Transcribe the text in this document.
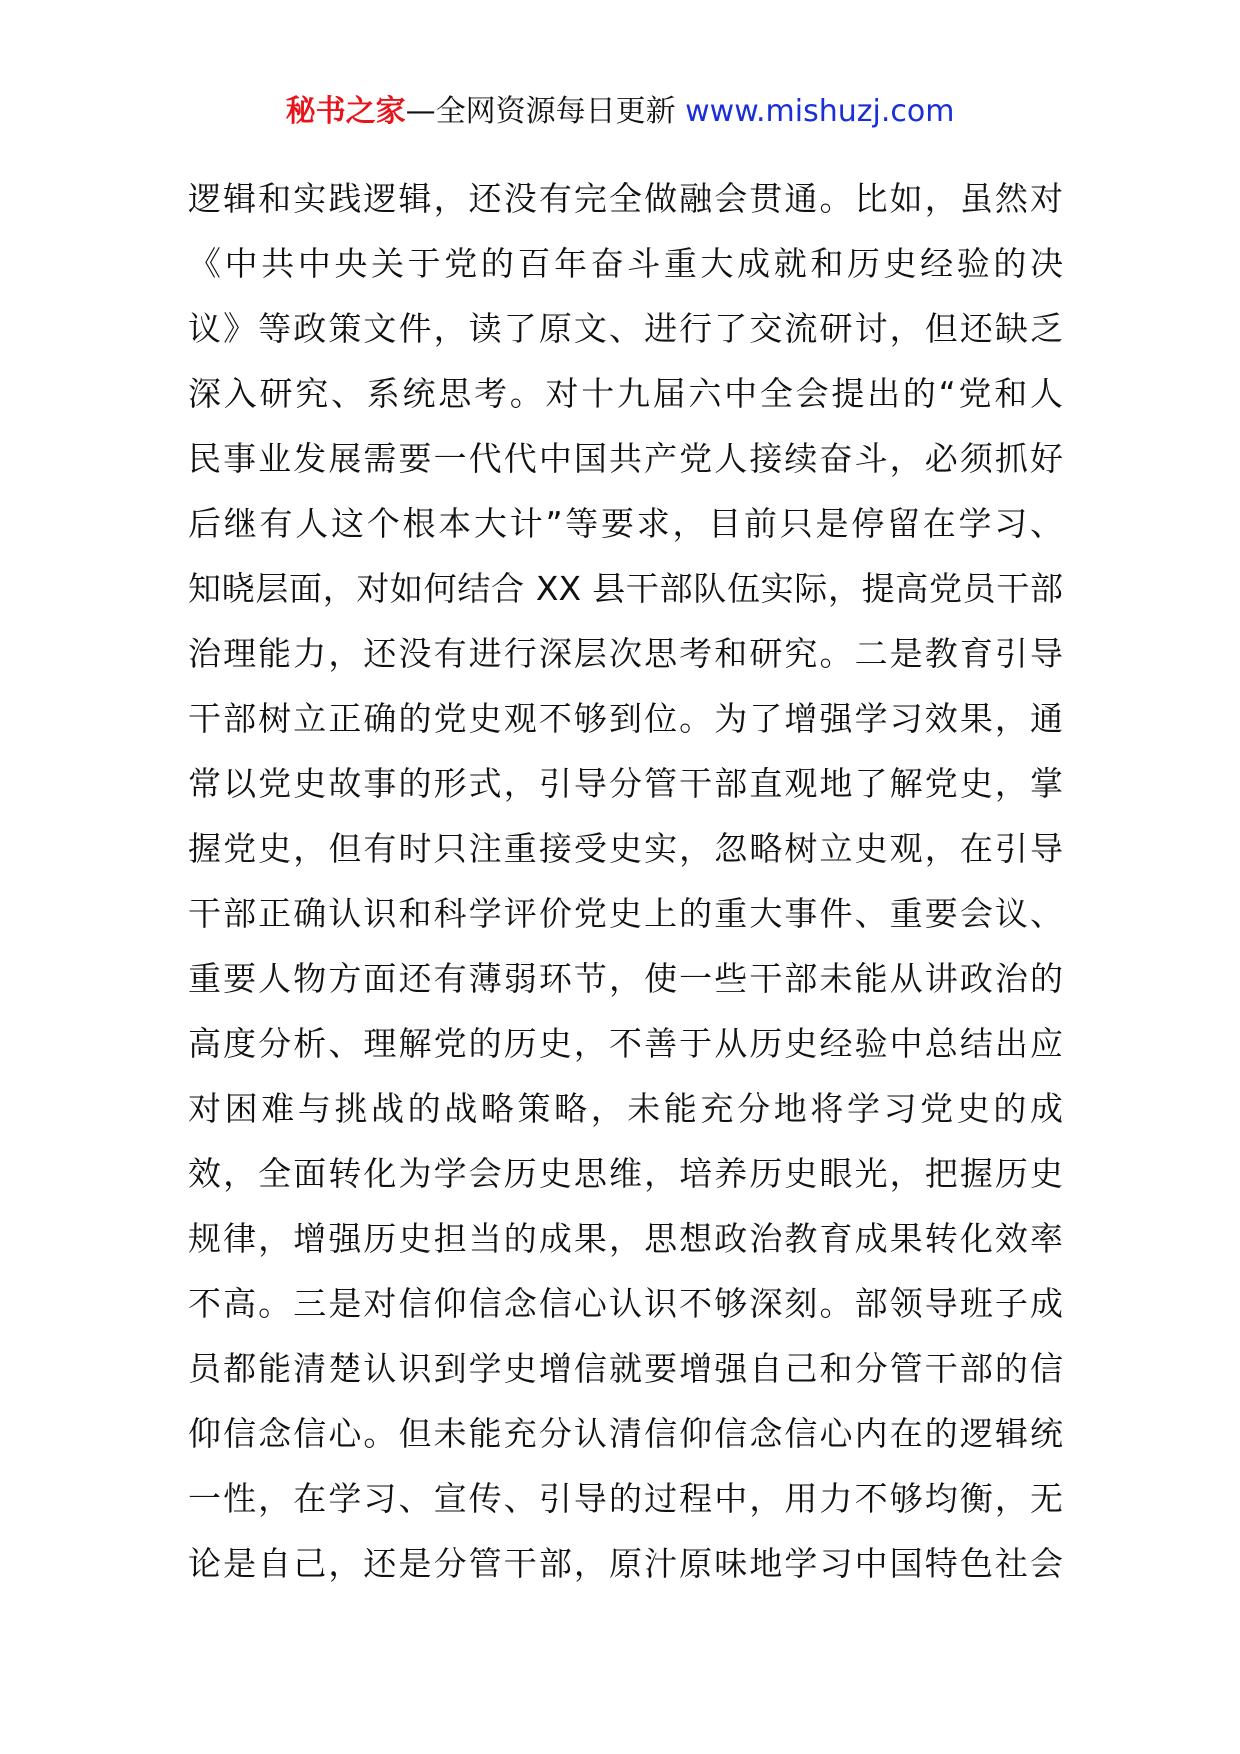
秘书之家—全网资源每日更新 www.mishuzj.com
逻辑和实践逻辑，还没有完全做融会贯通。比如，虽然对
《中共中央关于党的百年奋斗重大成就和历史经验的决
议》等政策文件，读了原文、进行了交流研讨，但还缺乏
深入研究、系统思考。对十九届六中全会提出的“党和人
民事业发展需要一代代中国共产党人接续奋斗，必须抓好
后继有人这个根本大计”等要求，目前只是停留在学习、
知晓层面，对如何结合 XX 县干部队伍实际，提高党员干部
治理能力，还没有进行深层次思考和研究。二是教育引导
干部树立正确的党史观不够到位。为了增强学习效果，通
常以党史故事的形式，引导分管干部直观地了解党史，掌
握党史，但有时只注重接受史实，忽略树立史观，在引导
干部正确认识和科学评价党史上的重大事件、重要会议、
重要人物方面还有薄弱环节，使一些干部未能从讲政治的
高度分析、理解党的历史，不善于从历史经验中总结出应
对困难与挑战的战略策略，未能充分地将学习党史的成
效，全面转化为学会历史思维，培养历史眼光，把握历史
规律，增强历史担当的成果，思想政治教育成果转化效率
不高。三是对信仰信念信心认识不够深刻。部领导班子成
员都能清楚认识到学史增信就要增强自己和分管干部的信
仰信念信心。但未能充分认清信仰信念信心内在的逻辑统
一性，在学习、宣传、引导的过程中，用力不够均衡，无
论是自己，还是分管干部，原汁原味地学习中国特色社会
